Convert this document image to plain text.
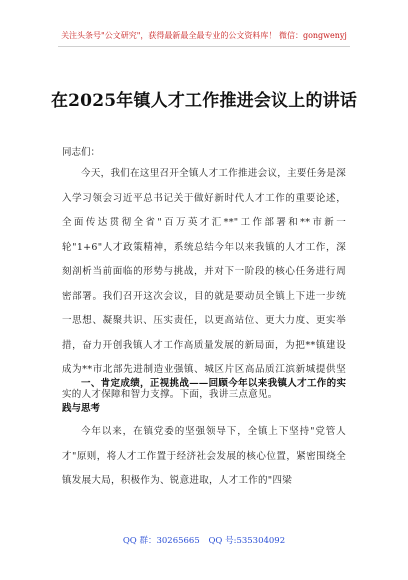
关注头条号"公文研究"，获得最新最全最专业的公文资料库！ 微信：gongwenyj
在2025年镇人才工作推进会议上的讲话
同志们：

今天，我们在这里召开全镇人才工作推进会议，主要任务是深入学习领会习近平总书记关于做好新时代人才工作的重要论述，全面传达贯彻全省"百万英才汇**"工作部署和**市新一轮"1+6"人才政策精神，系统总结今年以来我镇的人才工作，深刻剖析当前面临的形势与挑战，并对下一阶段的核心任务进行周密部署。我们召开这次会议，目的就是要动员全镇上下进一步统一思想、凝聚共识、压实责任，以更高站位、更大力度、更实举措，奋力开创我镇人才工作高质量发展的新局面，为把**镇建设成为**市北部先进制造业强镇、城区片区高品质江滨新城提供坚实的人才保障和智力支撑。下面，我讲三点意见。

一、肯定成绩，正视挑战——回顾今年以来我镇人才工作的实践与思考

今年以来，在镇党委的坚强领导下，全镇上下坚持"党管人才"原则，将人才工作置于经济社会发展的核心位置，紧密围绕全镇发展大局，积极作为、锐意进取，人才工作的"四梁

QQ 群：30265665 QQ 号:535304092
